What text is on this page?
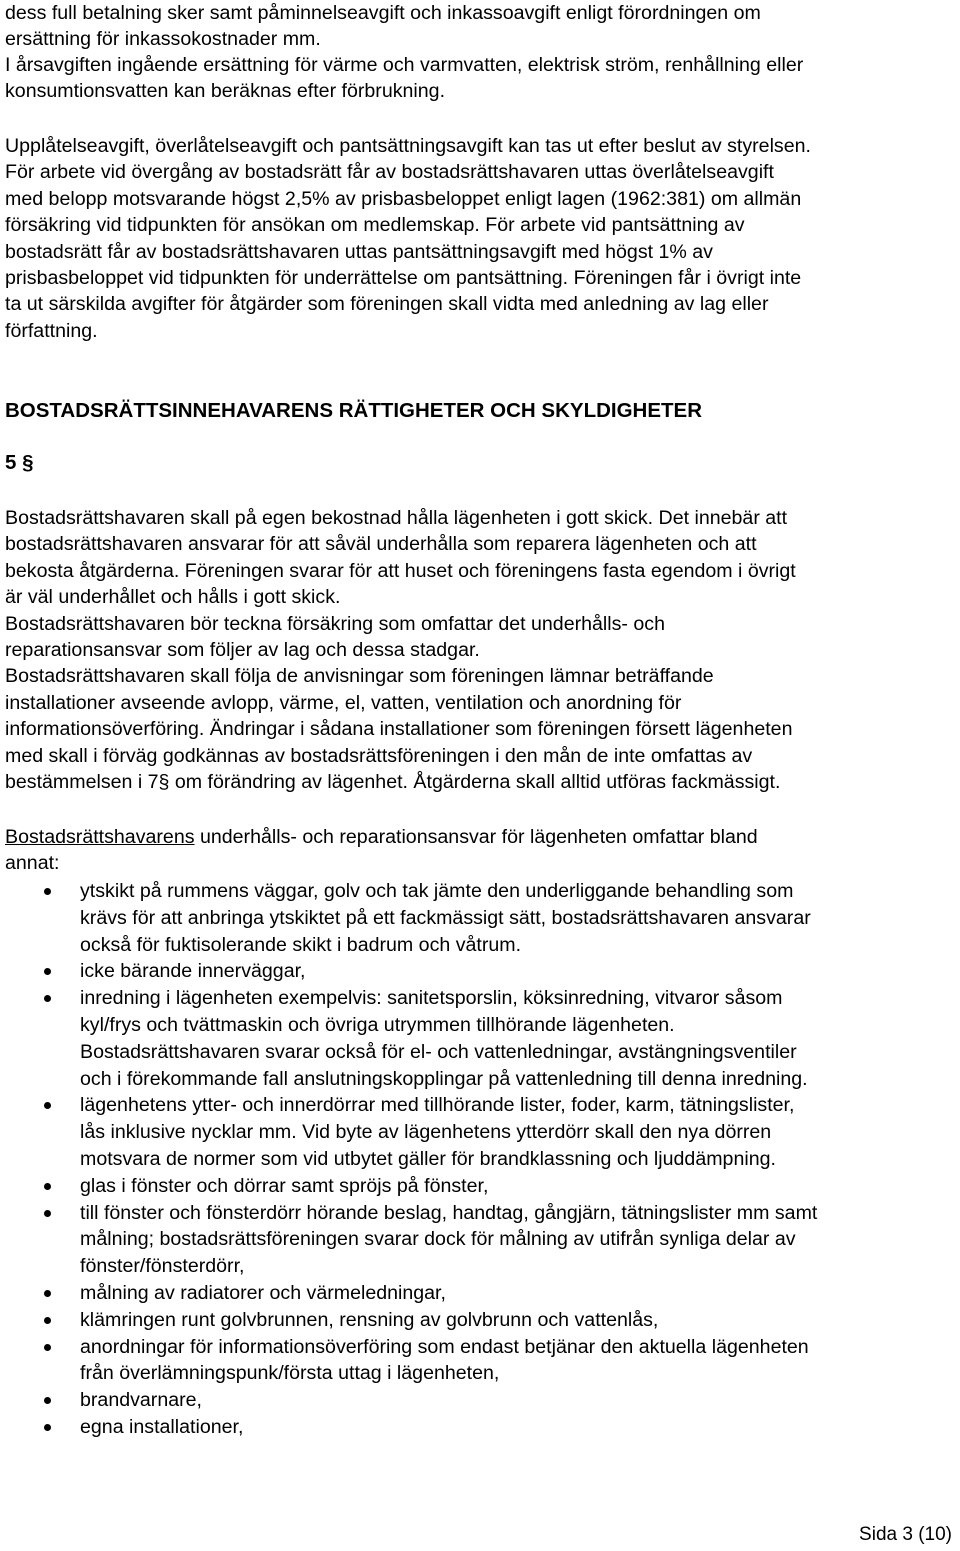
dess full betalning sker samt påminnelseavgift och inkassoavgift enligt förordningen om
ersättning för inkassokostnader mm.
I årsavgiften ingående ersättning för värme och varmvatten, elektrisk ström, renhållning eller
konsumtionsvatten kan beräknas efter förbrukning.
Upplåtelseavgift, överlåtelseavgift och pantsättningsavgift kan tas ut efter beslut av styrelsen.
För arbete vid övergång av bostadsrätt får av bostadsrättshavaren uttas överlåtelseavgift
med belopp motsvarande högst 2,5% av prisbasbeloppet enligt lagen (1962:381) om allmän
försäkring vid tidpunkten för ansökan om medlemskap. För arbete vid pantsättning av
bostadsrätt får av bostadsrättshavaren uttas pantsättningsavgift med högst 1% av
prisbasbeloppet vid tidpunkten för underrättelse om pantsättning. Föreningen får i övrigt inte
ta ut särskilda avgifter för åtgärder som föreningen skall vidta med anledning av lag eller
författning.
BOSTADSRÄTTSINNEHAVARENS RÄTTIGHETER OCH SKYLDIGHETER
5 §
Bostadsrättshavaren skall på egen bekostnad hålla lägenheten i gott skick. Det innebär att
bostadsrättshavaren ansvarar för att såväl underhålla som reparera lägenheten och att
bekosta åtgärderna. Föreningen svarar för att huset och föreningens fasta egendom i övrigt
är väl underhållet och hålls i gott skick.
Bostadsrättshavaren bör teckna försäkring som omfattar det underhålls- och
reparationsansvar som följer av lag och dessa stadgar.
Bostadsrättshavaren skall följa de anvisningar som föreningen lämnar beträffande
installationer avseende avlopp, värme, el, vatten, ventilation och anordning för
informationsöverföring. Ändringar i sådana installationer som föreningen försett lägenheten
med skall i förväg godkännas av bostadsrättsföreningen i den mån de inte omfattas av
bestämmelsen i 7§ om förändring av lägenhet. Åtgärderna skall alltid utföras fackmässigt.
Bostadsrättshavarens underhålls- och reparationsansvar för lägenheten omfattar bland
annat:
ytskikt på rummens väggar, golv och tak jämte den underliggande behandling som
krävs för att anbringa ytskiktet på ett fackmässigt sätt, bostadsrättshavaren ansvarar
också för fuktisolerande skikt i badrum och våtrum.
icke bärande innerväggar,
inredning i lägenheten exempelvis: sanitetsporslin, köksinredning, vitvaror såsom
kyl/frys och tvättmaskin och övriga utrymmen tillhörande lägenheten.
Bostadsrättshavaren svarar också för el- och vattenledningar, avstängningsventiler
och i förekommande fall anslutningskopplingar på vattenledning till denna inredning.
lägenhetens ytter- och innerdörrar med tillhörande lister, foder, karm, tätningslister,
lås inklusive nycklar mm. Vid byte av lägenhetens ytterdörr skall den nya dörren
motsvara de normer som vid utbytet gäller för brandklassning och ljuddämpning.
glas i fönster och dörrar samt spröjs på fönster,
till fönster och fönsterdörr hörande beslag, handtag, gångjärn, tätningslister mm samt
målning; bostadsrättsföreningen svarar dock för målning av utifrån synliga delar av
fönster/fönsterdörr,
målning av radiatorer och värmeledningar,
klämringen runt golvbrunnen, rensning av golvbrunn och vattenlås,
anordningar för informationsöverföring som endast betjänar den aktuella lägenheten
från överlämningspunk/första uttag i lägenheten,
brandvarnare,
egna installationer,
Sida 3 (10)
